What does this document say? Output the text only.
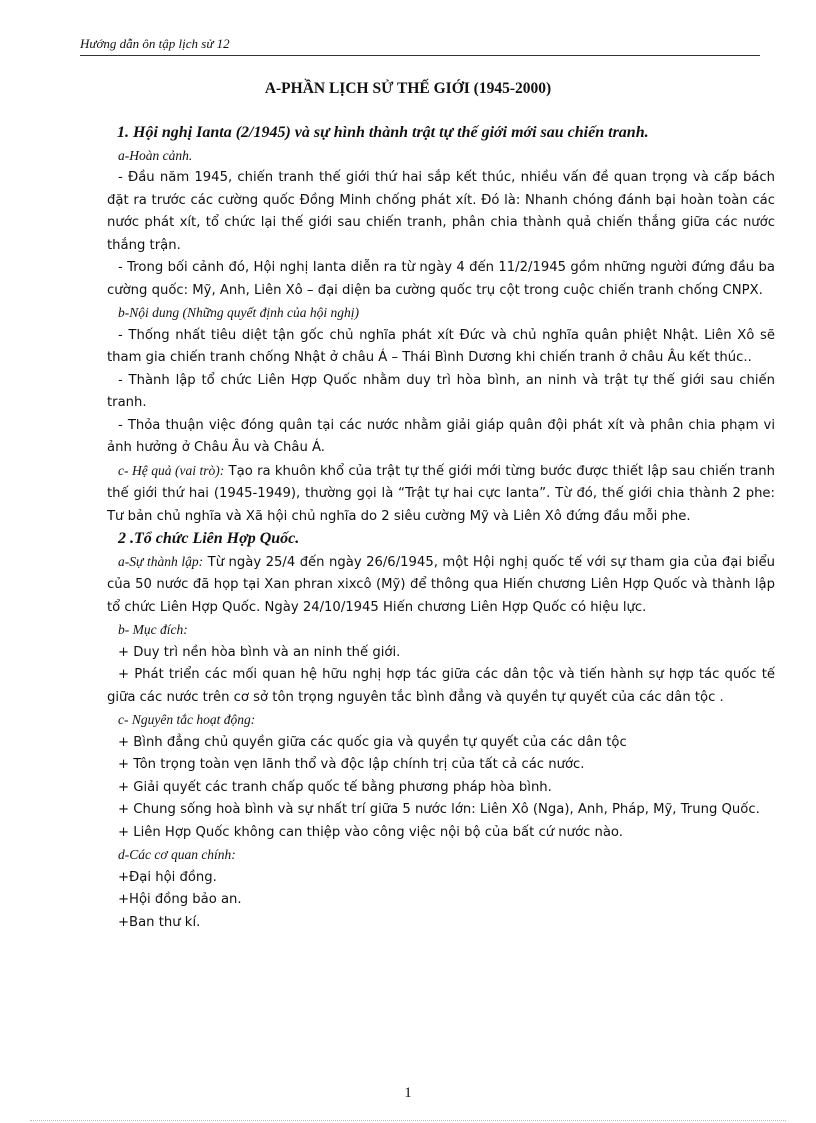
Hướng dẫn ôn tập lịch sử 12
A-PHẦN LỊCH SỬ THẾ GIỚI (1945-2000)

1. Hội nghị Ianta (2/1945) và sự hình thành trật tự thế giới mới sau chiến tranh.

a-Hoàn cảnh.

- Đầu năm 1945, chiến tranh thế giới thứ hai sắp kết thúc, nhiều vấn đề quan trọng và cấp bách đặt ra trước các cường quốc Đồng Minh chống phát xít. Đó là: Nhanh chóng đánh bại hoàn toàn các nước phát xít, tổ chức lại thế giới sau chiến tranh, phân chia thành quả chiến thắng giữa các nước thắng trận.

- Trong bối cảnh đó, Hội nghị Ianta diễn ra từ ngày 4 đến 11/2/1945 gồm những người đứng đầu ba cường quốc: Mỹ, Anh, Liên Xô – đại diện ba cường quốc trụ cột trong cuộc chiến tranh chống CNPX.

b-Nội dung (Những quyết định của hội nghị)

- Thống nhất tiêu diệt tận gốc chủ nghĩa phát xít Đức và chủ nghĩa quân phiệt Nhật. Liên Xô sẽ tham gia chiến tranh chống Nhật ở châu Á – Thái Bình Dương khi chiến tranh ở châu Âu kết thúc..

- Thành lập tổ chức Liên Hợp Quốc nhằm duy trì hòa bình, an ninh và trật tự thế giới sau chiến tranh.

- Thỏa thuận việc đóng quân tại các nước nhằm giải giáp quân đội phát xít và phân chia phạm vi ảnh hưởng ở Châu Âu và Châu Á.

c- Hệ quả (vai trò): Tạo ra khuôn khổ của trật tự thế giới mới từng bước được thiết lập sau chiến tranh thế giới thứ hai (1945-1949), thường gọi là “Trật tự hai cực Ianta”. Từ đó, thế giới chia thành 2 phe: Tư bản chủ nghĩa và Xã hội chủ nghĩa do 2 siêu cường Mỹ và Liên Xô đứng đầu mỗi phe.

2 .Tổ chức Liên Hợp Quốc.

a-Sự thành lập: Từ ngày 25/4 đến ngày 26/6/1945, một Hội nghị quốc tế với sự tham gia của đại biểu của 50 nước đã họp tại Xan phran xixcô (Mỹ) để thông qua Hiến chương Liên Hợp Quốc và thành lập tổ chức Liên Hợp Quốc. Ngày 24/10/1945 Hiến chương Liên Hợp Quốc có hiệu lực.

b- Mục đích:

+ Duy trì nền hòa bình và an ninh thế giới.

+ Phát triển các mối quan hệ hữu nghị hợp tác giữa các dân tộc và tiến hành sự hợp tác quốc tế giữa các nước trên cơ sở tôn trọng nguyên tắc bình đẳng và quyền tự quyết của các dân tộc .

c- Nguyên tắc hoạt động:

+ Bình đẳng chủ quyền giữa các quốc gia và quyền tự quyết của các dân tộc

+ Tôn trọng toàn vẹn lãnh thổ và độc lập chính trị của tất cả các nước.

+ Giải quyết các tranh chấp quốc tế bằng phương pháp hòa bình.

+ Chung sống hoà bình và sự nhất trí giữa 5 nước lớn: Liên Xô (Nga), Anh, Pháp, Mỹ, Trung Quốc.

+ Liên Hợp Quốc không can thiệp vào công việc nội bộ của bất cứ nước nào.

d-Các cơ quan chính:

+Đại hội đồng.

+Hội đồng bảo an.

+Ban thư kí.

1
